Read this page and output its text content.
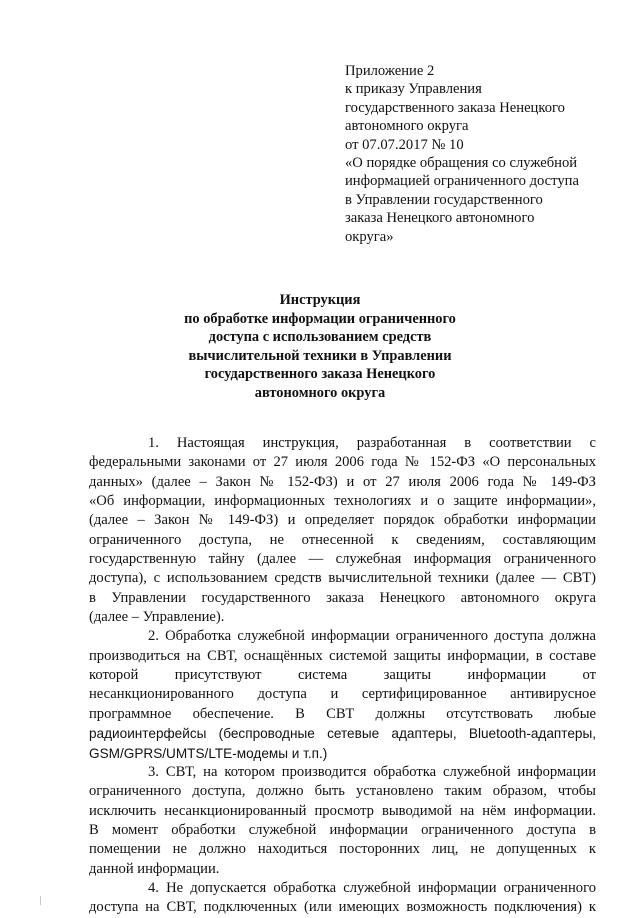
Приложение 2
к приказу Управления
государственного заказа Ненецкого
автономного округа
от 07.07.2017 № 10
«О порядке обращения со служебной
информацией ограниченного доступа
в Управлении государственного
заказа Ненецкого автономного
округа»
Инструкция
по обработке информации ограниченного
доступа с использованием средств
вычислительной техники в Управлении
государственного заказа Ненецкого
автономного округа
1. Настоящая инструкция, разработанная в соответствии с
федеральными законами от 27 июля 2006 года № 152-ФЗ «О персональных
данных» (далее – Закон № 152-ФЗ) и от 27 июля 2006 года № 149-ФЗ
«Об информации, информационных технологиях и о защите информации»,
(далее – Закон № 149-ФЗ) и определяет порядок обработки информации
ограниченного доступа, не отнесенной к сведениям, составляющим
государственную тайну (далее — служебная информация ограниченного
доступа), с использованием средств вычислительной техники (далее — СВТ)
в Управлении государственного заказа Ненецкого автономного округа
(далее – Управление).
2. Обработка служебной информации ограниченного доступа должна
производиться на СВТ, оснащённых системой защиты информации, в составе
которой присутствуют система защиты информации от
несанкционированного доступа и сертифицированное антивирусное
программное обеспечение. В СВТ должны отсутствовать любые
радиоинтерфейсы (беспроводные сетевые адаптеры, Bluetooth-адаптеры,
GSM/GPRS/UMTS/LTE-модемы и т.п.)
3. СВТ, на котором производится обработка служебной информации
ограниченного доступа, должно быть установлено таким образом, чтобы
исключить несанкционированный просмотр выводимой на нём информации.
В момент обработки служебной информации ограниченного доступа в
помещении не должно находиться посторонних лиц, не допущенных к
данной информации.
4. Не допускается обработка служебной информации ограниченного
доступа на СВТ, подключенных (или имеющих возможность подключения) к
